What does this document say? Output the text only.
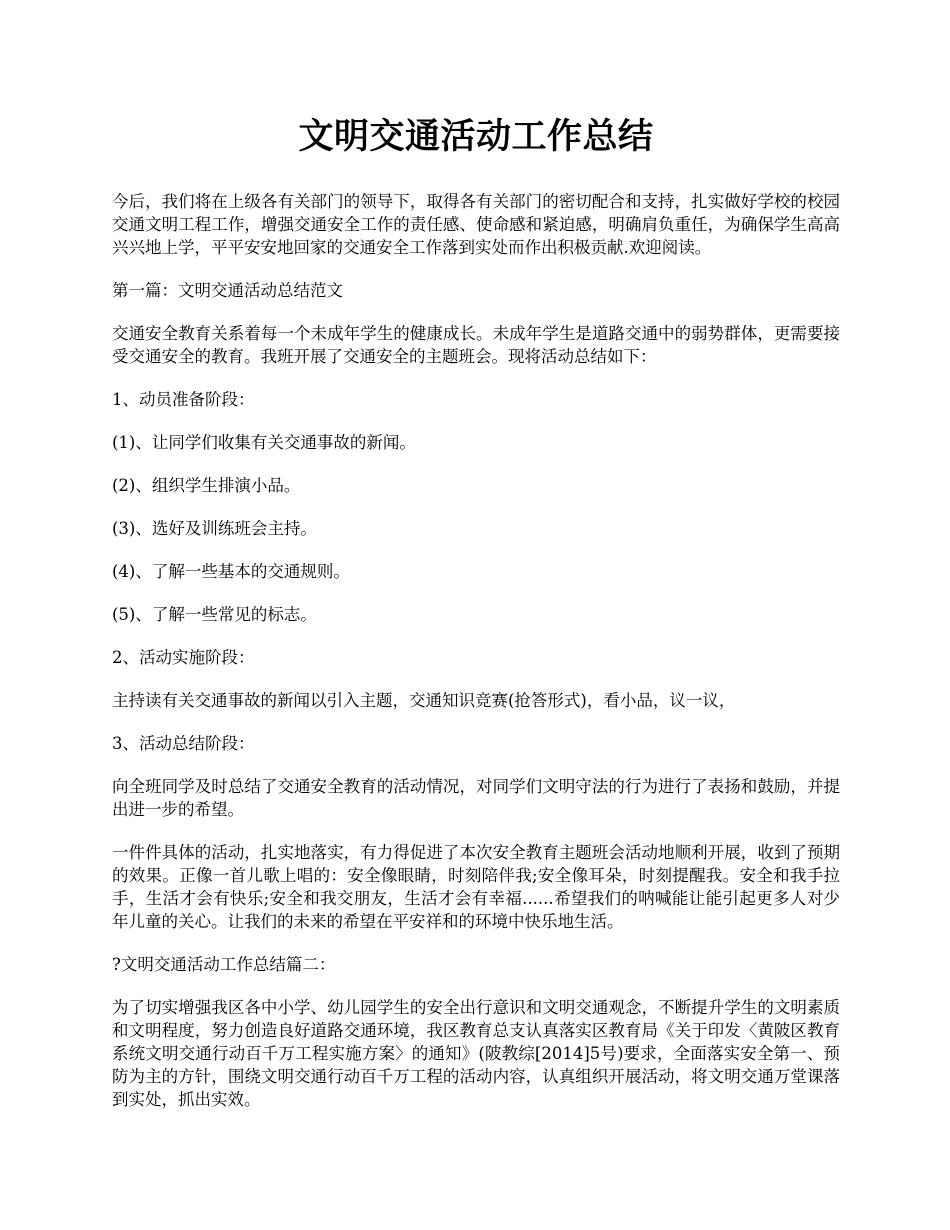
文明交通活动工作总结

今后，我们将在上级各有关部门的领导下，取得各有关部门的密切配合和支持，扎实做好学校的校园交通文明工程工作，增强交通安全工作的责任感、使命感和紧迫感，明确肩负重任，为确保学生高高兴兴地上学，平平安安地回家的交通安全工作落到实处而作出积极贡献.欢迎阅读。

第一篇：文明交通活动总结范文

交通安全教育关系着每一个未成年学生的健康成长。未成年学生是道路交通中的弱势群体，更需要接受交通安全的教育。我班开展了交通安全的主题班会。现将活动总结如下：

1、动员准备阶段：

(1)、让同学们收集有关交通事故的新闻。

(2)、组织学生排演小品。

(3)、选好及训练班会主持。

(4)、了解一些基本的交通规则。

(5)、了解一些常见的标志。

2、活动实施阶段：

主持读有关交通事故的新闻以引入主题，交通知识竞赛(抢答形式)，看小品，议一议，

3、活动总结阶段：

向全班同学及时总结了交通安全教育的活动情况，对同学们文明守法的行为进行了表扬和鼓励，并提出进一步的希望。

一件件具体的活动，扎实地落实，有力得促进了本次安全教育主题班会活动地顺利开展，收到了预期的效果。正像一首儿歌上唱的：安全像眼睛，时刻陪伴我;安全像耳朵，时刻提醒我。安全和我手拉手，生活才会有快乐;安全和我交朋友，生活才会有幸福......希望我们的呐喊能让能引起更多人对少年儿童的关心。让我们的未来的希望在平安祥和的环境中快乐地生活。

?文明交通活动工作总结篇二：

为了切实增强我区各中小学、幼儿园学生的安全出行意识和文明交通观念，不断提升学生的文明素质和文明程度，努力创造良好道路交通环境，我区教育总支认真落实区教育局《关于印发〈黄陂区教育系统文明交通行动百千万工程实施方案〉的通知》(陂教综[2014]5号)要求，全面落实安全第一、预防为主的方针，围绕文明交通行动百千万工程的活动内容，认真组织开展活动，将文明交通万堂课落到实处，抓出实效。
